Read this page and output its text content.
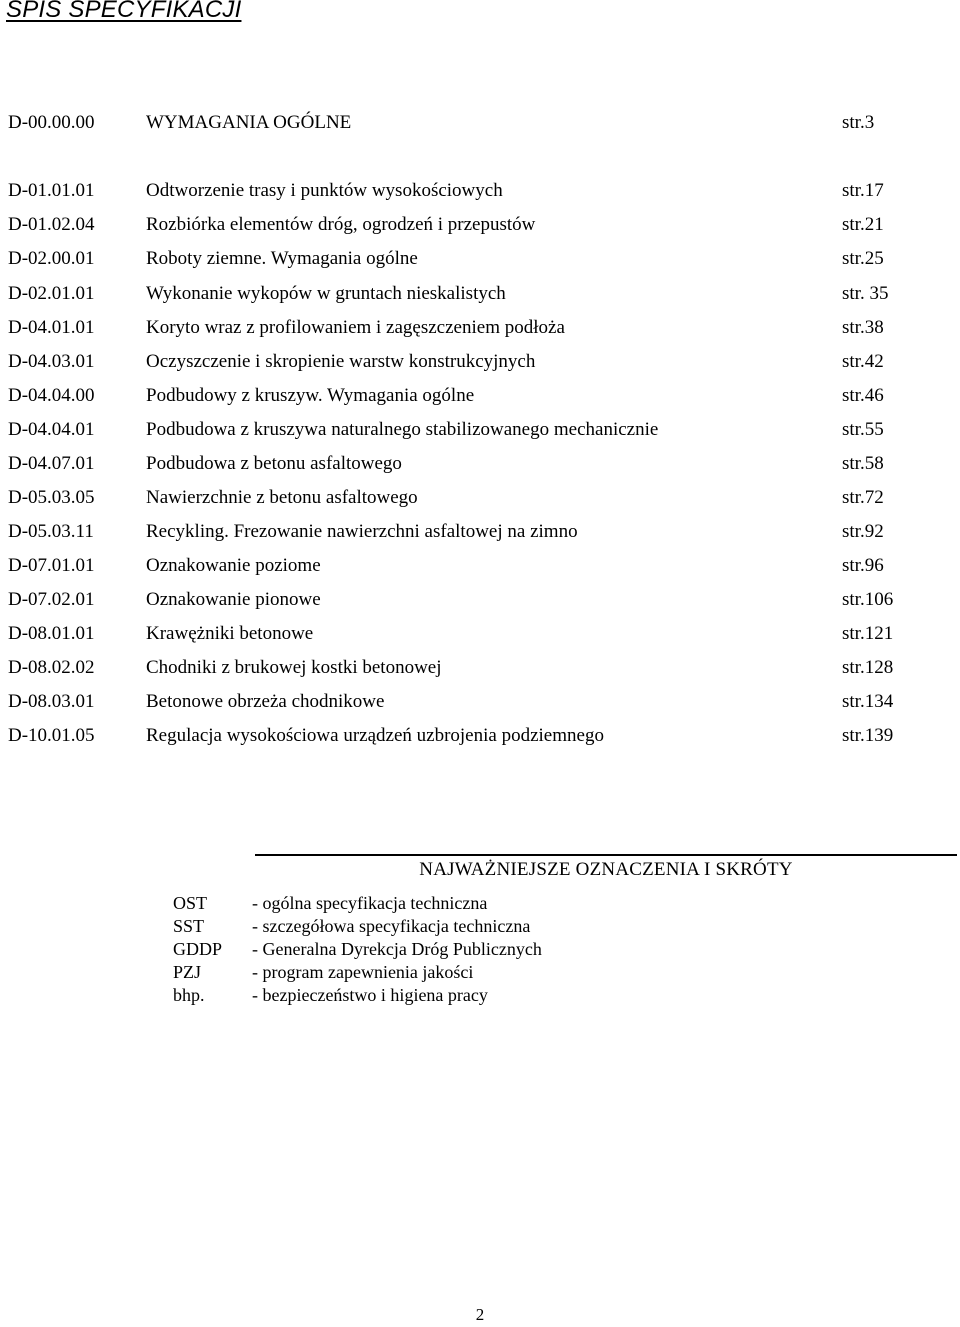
SPIS SPECYFIKACJI
D-00.00.00	WYMAGANIA OGÓLNE	str.3
D-01.01.01	Odtworzenie trasy i punktów wysokościowych	str.17
D-01.02.04	Rozbiórka elementów dróg, ogrodzeń i przepustów	str.21
D-02.00.01	Roboty ziemne. Wymagania ogólne	str.25
D-02.01.01	Wykonanie wykopów w gruntach nieskalistych	str. 35
D-04.01.01	Koryto wraz z profilowaniem i zagęszczeniem podłoża	str.38
D-04.03.01	Oczyszczenie i skropienie warstw konstrukcyjnych	str.42
D-04.04.00	Podbudowy z kruszyw. Wymagania ogólne	str.46
D-04.04.01	Podbudowa z kruszywa naturalnego stabilizowanego mechanicznie	str.55
D-04.07.01	Podbudowa z betonu asfaltowego	str.58
D-05.03.05	Nawierzchnie z betonu asfaltowego	str.72
D-05.03.11	Recykling. Frezowanie nawierzchni asfaltowej na zimno	str.92
D-07.01.01	Oznakowanie poziome	str.96
D-07.02.01	Oznakowanie pionowe	str.106
D-08.01.01	Krawężniki betonowe	str.121
D-08.02.02	Chodniki z brukowej kostki betonowej	str.128
D-08.03.01	Betonowe obrzeża chodnikowe	str.134
D-10.01.05	Regulacja wysokościowa urządzeń uzbrojenia podziemnego	str.139
NAJWAŻNIEJSZE OZNACZENIA I SKRÓTY
OST - ogólna specyfikacja techniczna
SST	- szczegółowa specyfikacja techniczna
GDDP - Generalna Dyrekcja Dróg Publicznych
PZJ	- program zapewnienia jakości
bhp.	- bezpieczeństwo i higiena pracy
2
